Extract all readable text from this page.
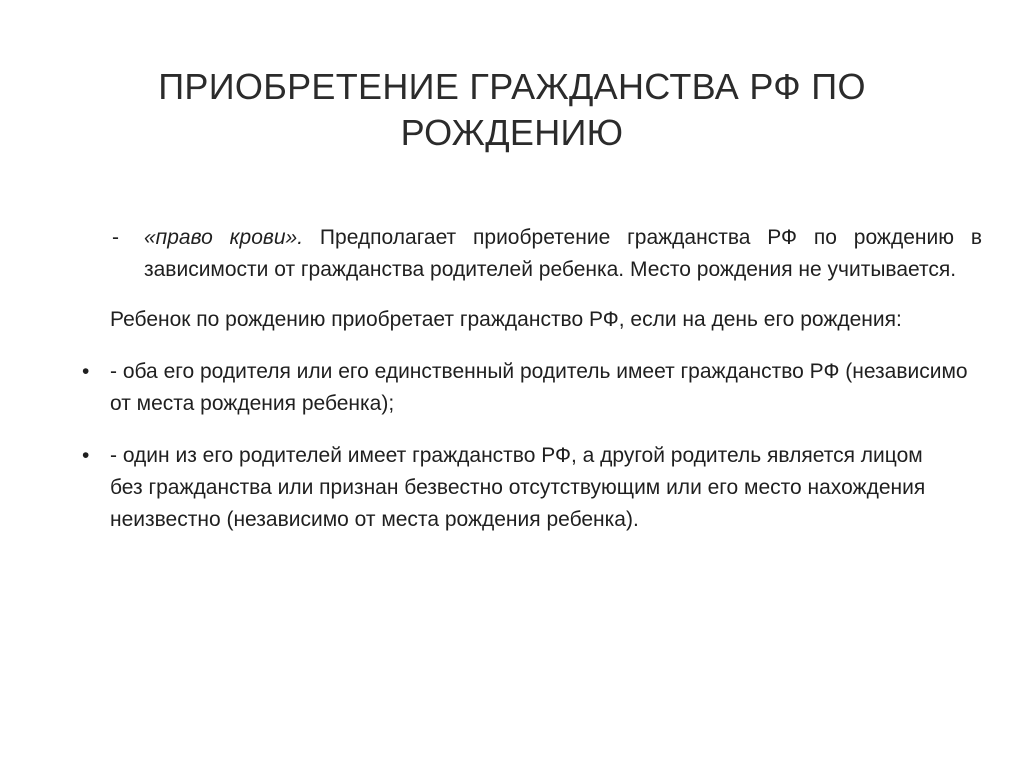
ПРИОБРЕТЕНИЕ ГРАЖДАНСТВА РФ ПО РОЖДЕНИЮ
- «право крови». Предполагает приобретение гражданства РФ по рождению в зависимости от гражданства родителей ребенка. Место рождения не учитывается.
Ребенок по рождению приобретает гражданство РФ, если на день его рождения:
• - оба его родителя или его единственный родитель имеет гражданство РФ (независимо от места рождения ребенка);
• - один из его родителей имеет гражданство РФ, а другой родитель является лицом без гражданства или признан безвестно отсутствующим или его место нахождения неизвестно (независимо от места рождения ребенка).
